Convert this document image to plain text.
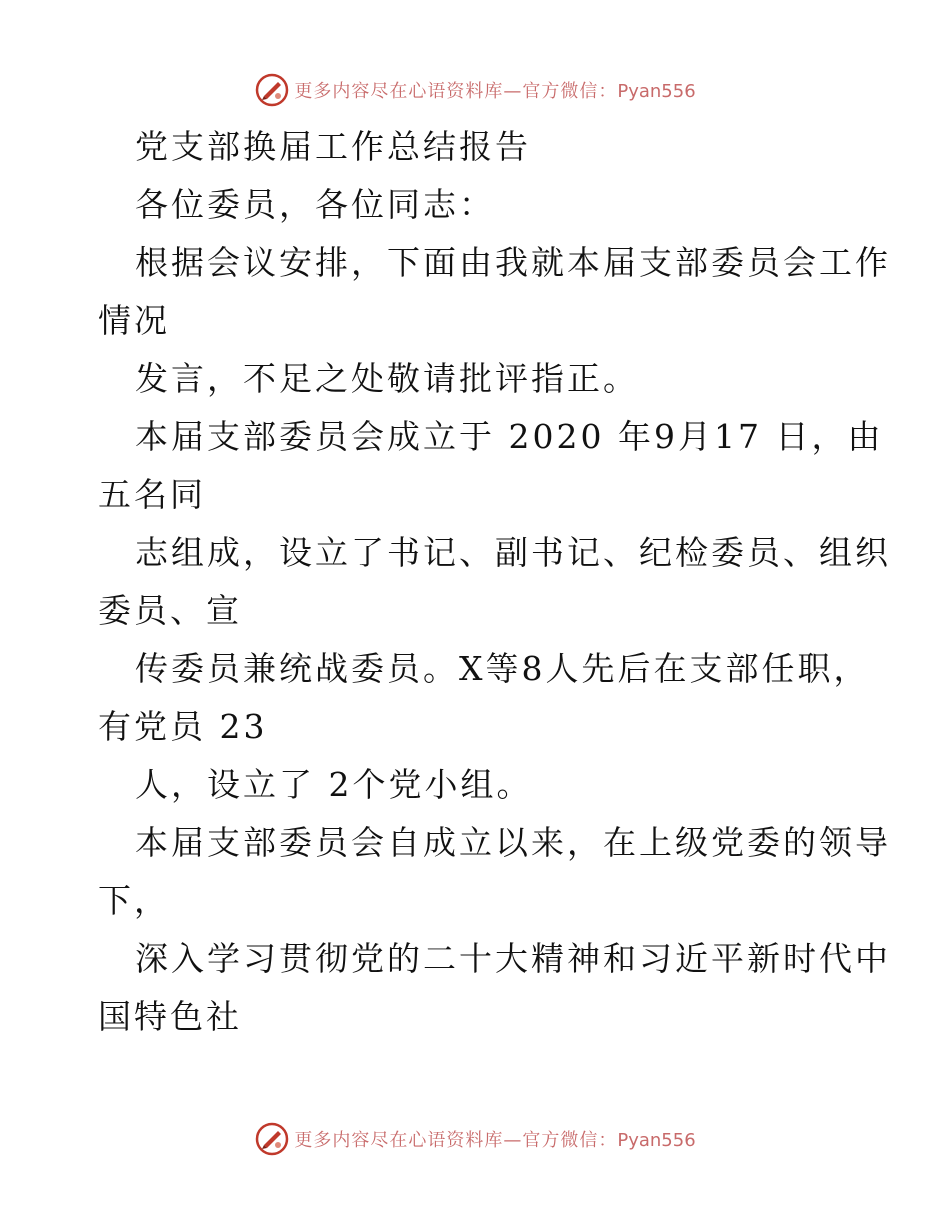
更多内容尽在心语资料库—官方微信：Pyan556
党支部换届工作总结报告
各位委员，各位同志：
根据会议安排，下面由我就本届支部委员会工作
情况
发言，不足之处敬请批评指正。
本届支部委员会成立于 2020 年9月17 日，由
五名同
志组成，设立了书记、副书记、纪检委员、组织
委员、宣
传委员兼统战委员。X等8人先后在支部任职，
有党员 23
人，设立了 2个党小组。
本届支部委员会自成立以来，在上级党委的领导
下，
深入学习贯彻党的二十大精神和习近平新时代中
国特色社
更多内容尽在心语资料库—官方微信：Pyan556
